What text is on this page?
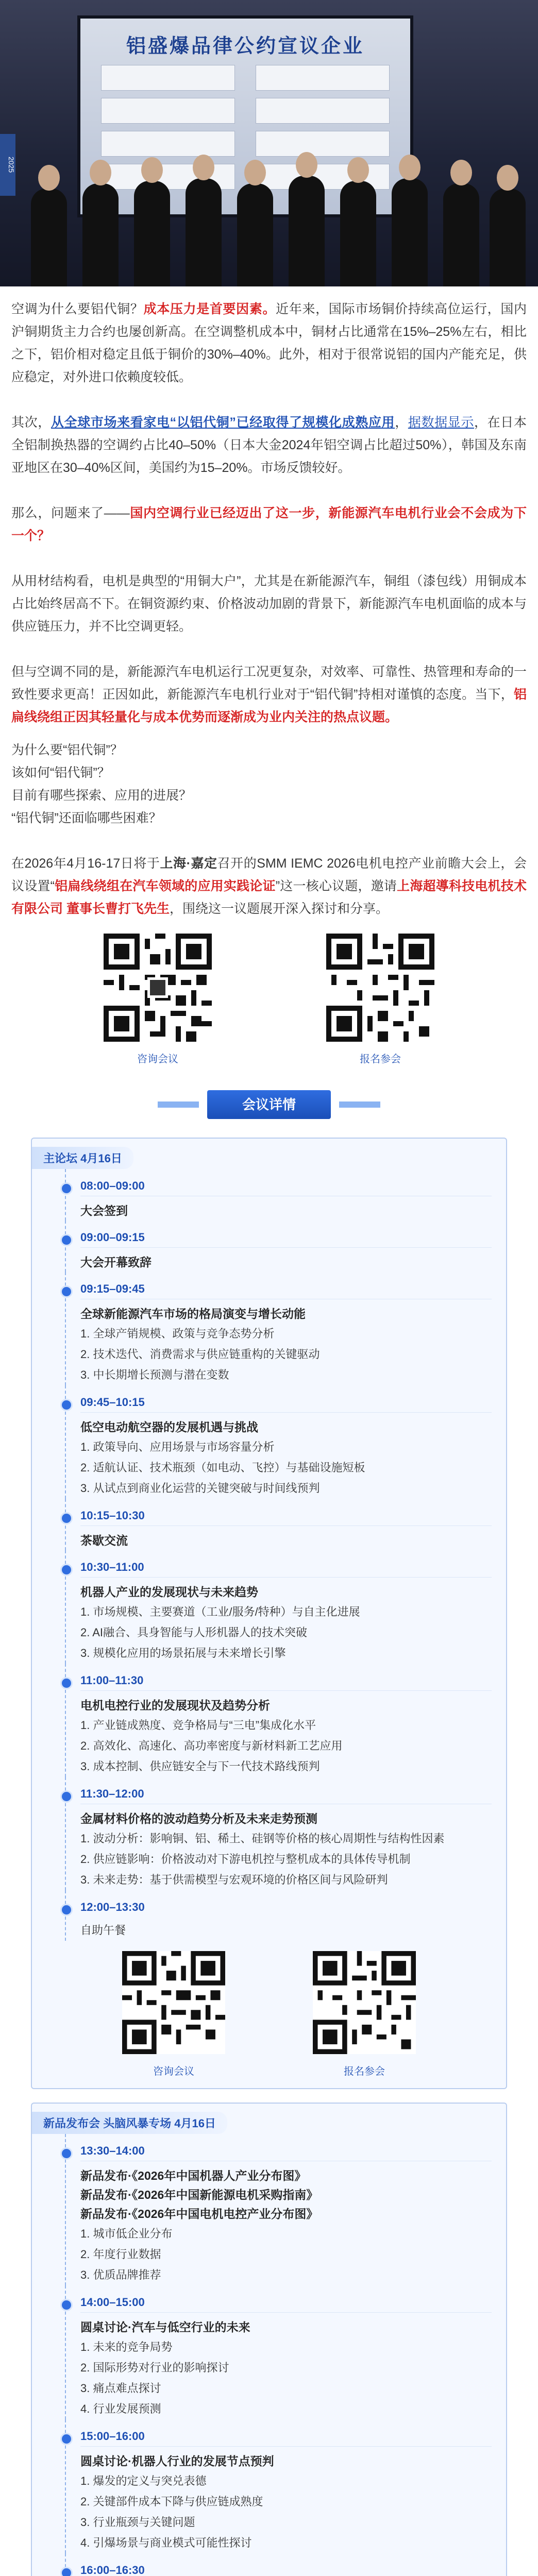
2025
铝盛爆品律公约宣议企业

空调为什么要铝代铜？成本压力是首要因素。近年来，国际市场铜价持续高位运行，国内沪铜期货主力合约也屡创新高。在空调整机成本中，铜材占比通常在15%–25%左右，相比之下，铝价相对稳定且低于铜价的30%–40%。此外，相对于很常说铝的国内产能充足，供应稳定，对外进口依赖度较低。

其次，从全球市场来看家电“以铝代铜”已经取得了规模化成熟应用，据数据显示，在日本全铝制换热器的空调约占比40–50%（日本大金2024年铝空调占比超过50%），韩国及东南亚地区在30–40%区间，美国约为15–20%。市场反馈较好。

那么，问题来了——国内空调行业已经迈出了这一步，新能源汽车电机行业会不会成为下一个？

从用材结构看，电机是典型的“用铜大户”，尤其是在新能源汽车，铜组（漆包线）用铜成本占比始终居高不下。在铜资源约束、价格波动加剧的背景下，新能源汽车电机面临的成本与供应链压力，并不比空调更轻。

但与空调不同的是，新能源汽车电机运行工况更复杂，对效率、可靠性、热管理和寿命的一致性要求更高！正因如此，新能源汽车电机行业对于“铝代铜”持相对谨慎的态度。当下，铝扁线绕组正因其轻量化与成本优势而逐渐成为业内关注的热点议题。

为什么要“铝代铜”？
该如何“铝代铜”？
目前有哪些探索、应用的进展？
“铝代铜”还面临哪些困难？

在2026年4月16-17日将于上海·嘉定召开的SMM IEMC 2026电机电控产业前瞻大会上，会议设置“铝扁线绕组在汽车领域的应用实践论证”这一核心议题，邀请上海超導科技电机技术有限公司 董事长曹打飞先生，围绕这一议题展开深入探讨和分享。

咨询会议	报名参会
会议详情
主论坛 4月16日
08:00–09:00
大会签到
09:00–09:15
大会开幕致辞
09:15–09:45
全球新能源汽车市场的格局演变与增长动能
1. 全球产销规模、政策与竞争态势分析
2. 技术迭代、消费需求与供应链重构的关键驱动
3. 中长期增长预测与潜在变数
09:45–10:15
低空电动航空器的发展机遇与挑战
1. 政策导向、应用场景与市场容量分析
2. 适航认证、技术瓶颈（如电动、飞控）与基础设施短板
3. 从试点到商业化运营的关键突破与时间线预判
10:15–10:30
茶歇交流
10:30–11:00
机器人产业的发展现状与未来趋势
1. 市场规模、主要赛道（工业/服务/特种）与自主化进展
2. AI融合、具身智能与人形机器人的技术突破
3. 规模化应用的场景拓展与未来增长引擎
11:00–11:30
电机电控行业的发展现状及趋势分析
1. 产业链成熟度、竞争格局与“三电”集成化水平
2. 高效化、高速化、高功率密度与新材料新工艺应用
3. 成本控制、供应链安全与下一代技术路线预判
11:30–12:00
金属材料价格的波动趋势分析及未来走势预测
1. 波动分析：影响铜、铝、稀土、硅钢等价格的核心周期性与结构性因素
2. 供应链影响：价格波动对下游电机控与整机成本的具体传导机制
3. 未来走势：基于供需模型与宏观环境的价格区间与风险研判
12:00–13:30
自助午餐
咨询会议	报名参会
新品发布会 头脑风暴专场 4月16日
13:30–14:00
新品发布·《2026年中国机器人产业分布图》
新品发布·《2026年中国新能源电机采购指南》
新品发布·《2026年中国电机电控产业分布图》
1. 城市低企业分布
2. 年度行业数据
3. 优质品牌推荐
14:00–15:00
圆桌讨论·汽车与低空行业的未来
1. 未来的竞争局势
2. 国际形势对行业的影响探讨
3. 痛点难点探讨
4. 行业发展预测
15:00–16:00
圆桌讨论·机器人行业的发展节点预判
1. 爆发的定义与突兑表德
2. 关键部件成本下降与供应链成熟度
3. 行业瓶颈与关键问题
4. 引爆场景与商业模式可能性探讨
16:00–16:30
